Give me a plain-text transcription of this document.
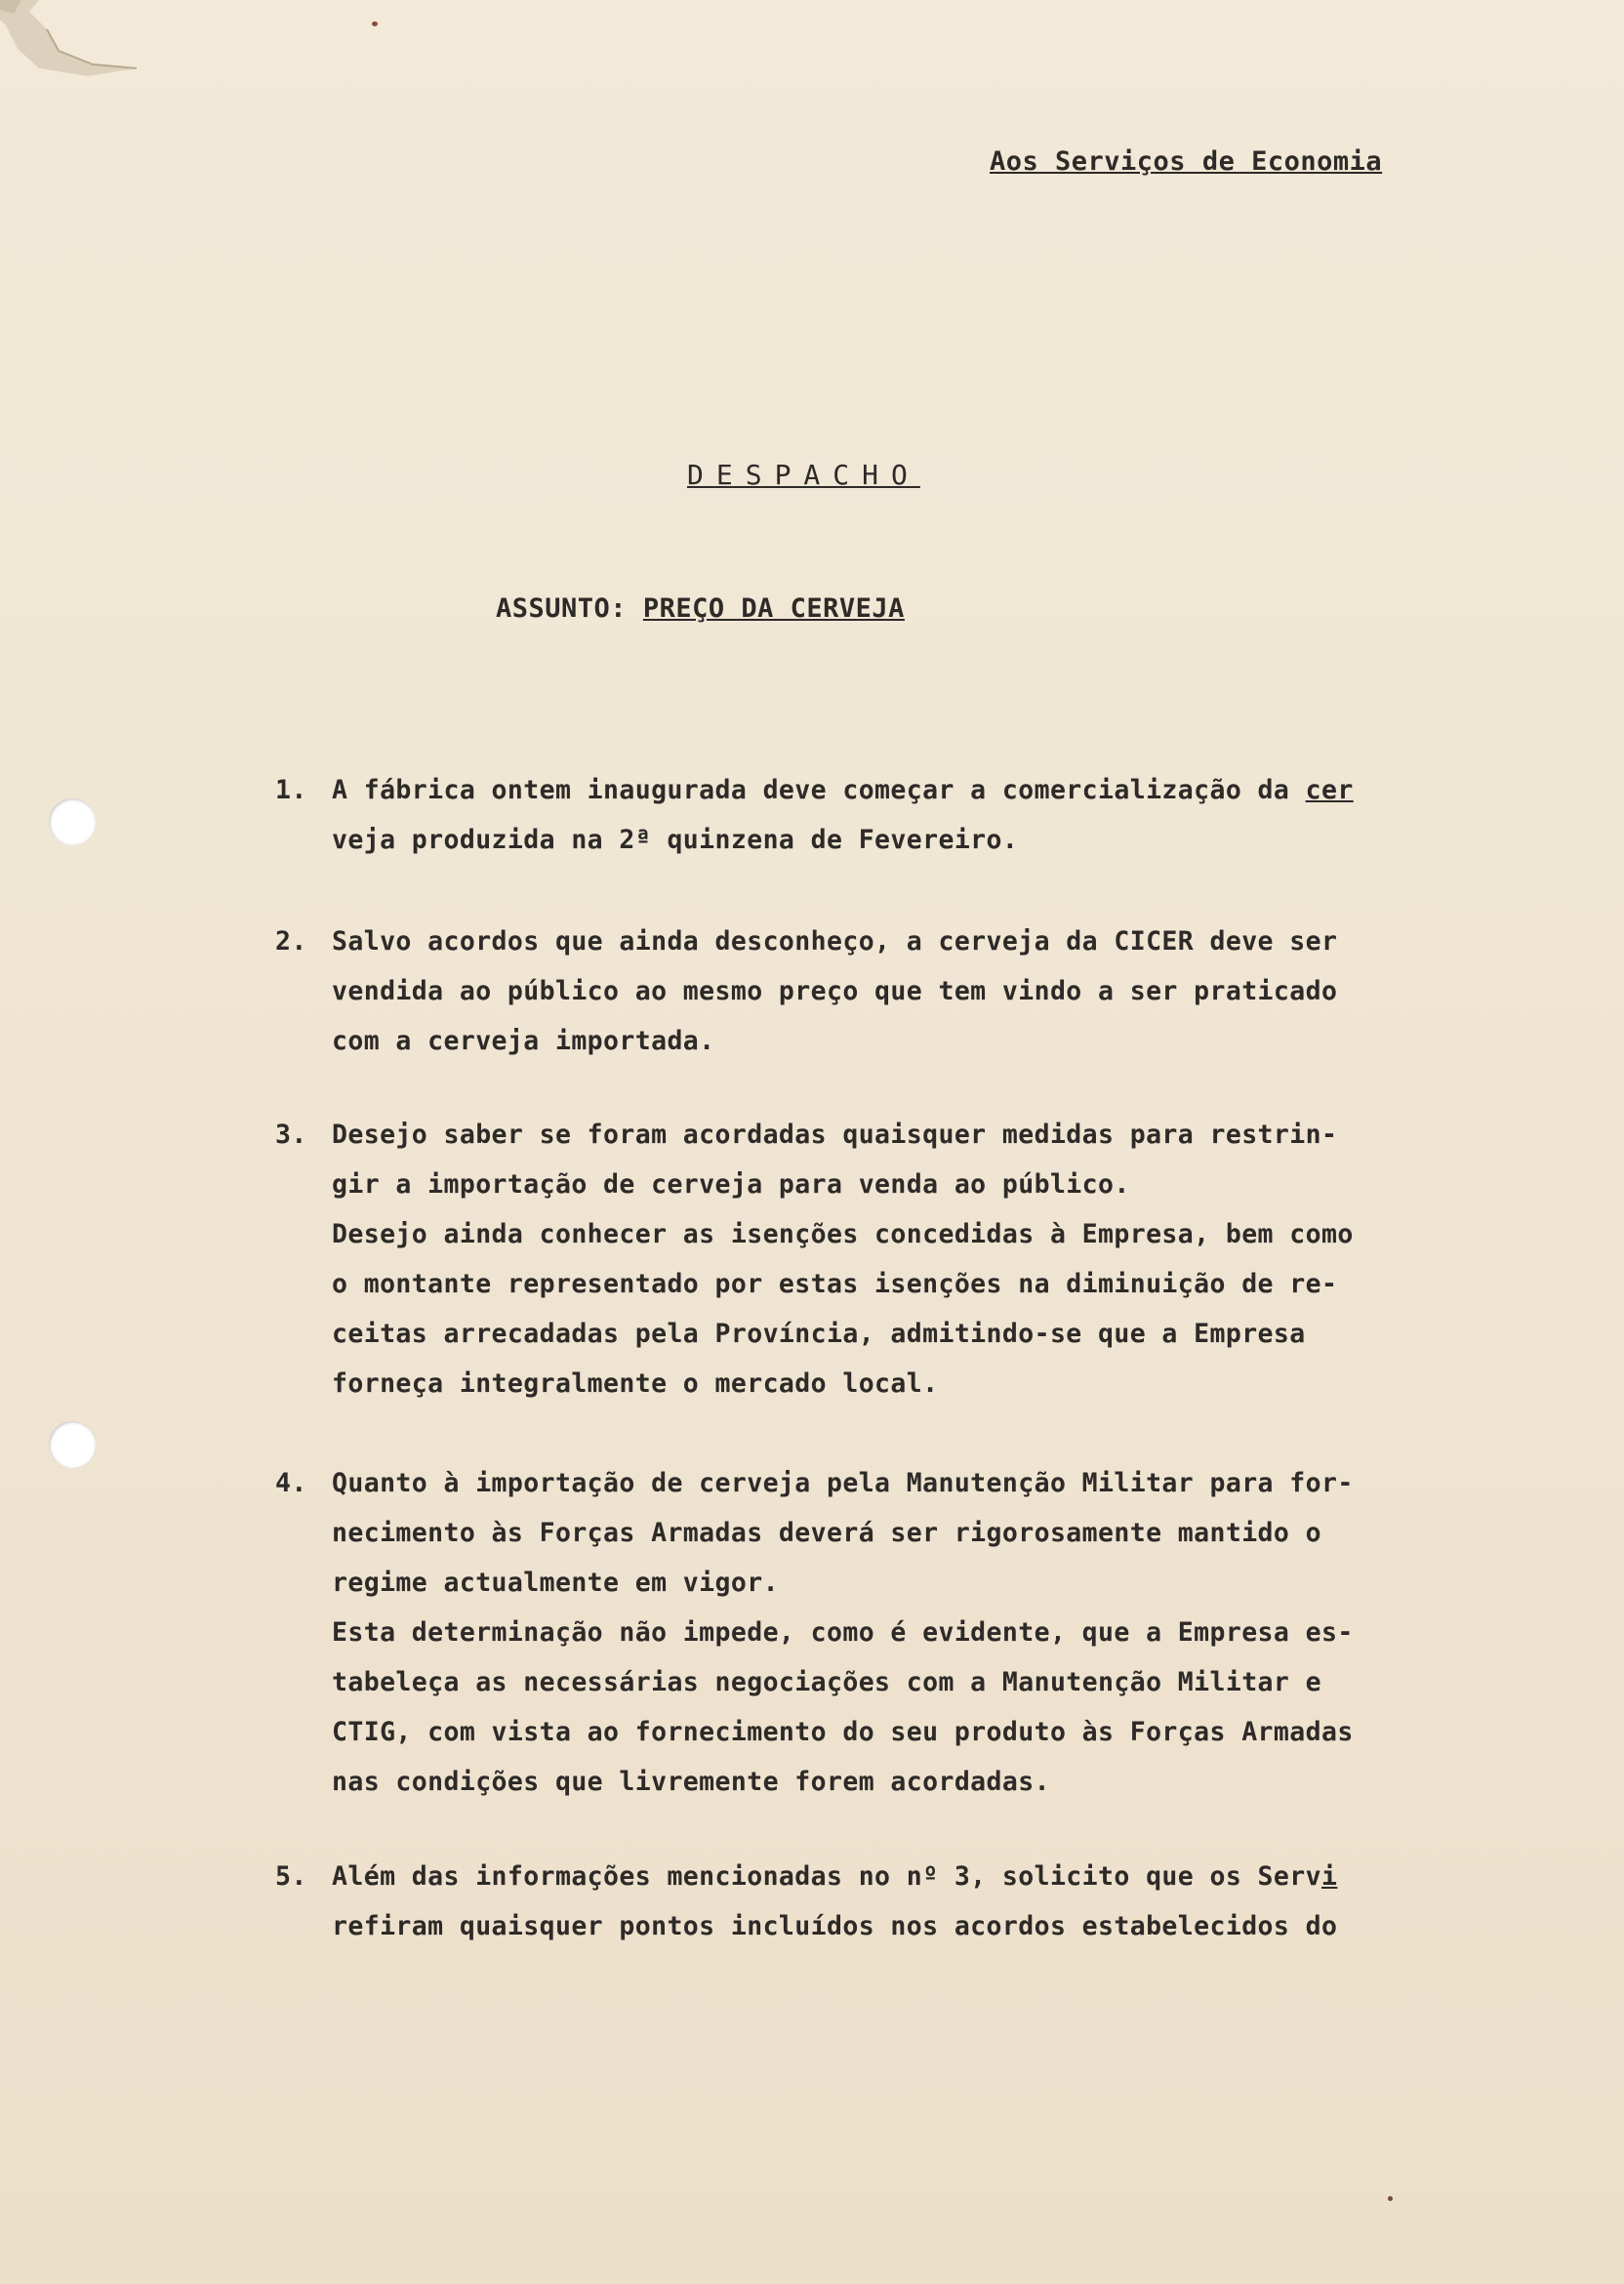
Aos Serviços de Economia
DESPACHO
ASSUNTO: PREÇO DA CERVEJA
1. A fábrica ontem inaugurada deve começar a comercialização da cer
veja produzida na 2ª quinzena de Fevereiro.
2. Salvo acordos que ainda desconheço, a cerveja da CICER deve ser
vendida ao público ao mesmo preço que tem vindo a ser praticado
com a cerveja importada.
3. Desejo saber se foram acordadas quaisquer medidas para restrin-
gir a importação de cerveja para venda ao público.
Desejo ainda conhecer as isenções concedidas à Empresa, bem como
o montante representado por estas isenções na diminuição de re-
ceitas arrecadadas pela Província, admitindo-se que a Empresa
forneça integralmente o mercado local.
4. Quanto à importação de cerveja pela Manutenção Militar para for-
necimento às Forças Armadas deverá ser rigorosamente mantido o
regime actualmente em vigor.
Esta determinação não impede, como é evidente, que a Empresa es-
tabeleça as necessárias negociações com a Manutenção Militar e
CTIG, com vista ao fornecimento do seu produto às Forças Armadas
nas condições que livremente forem acordadas.
5. Além das informações mencionadas no nº 3, solicito que os Servi
refiram quaisquer pontos incluídos nos acordos estabelecidos do
